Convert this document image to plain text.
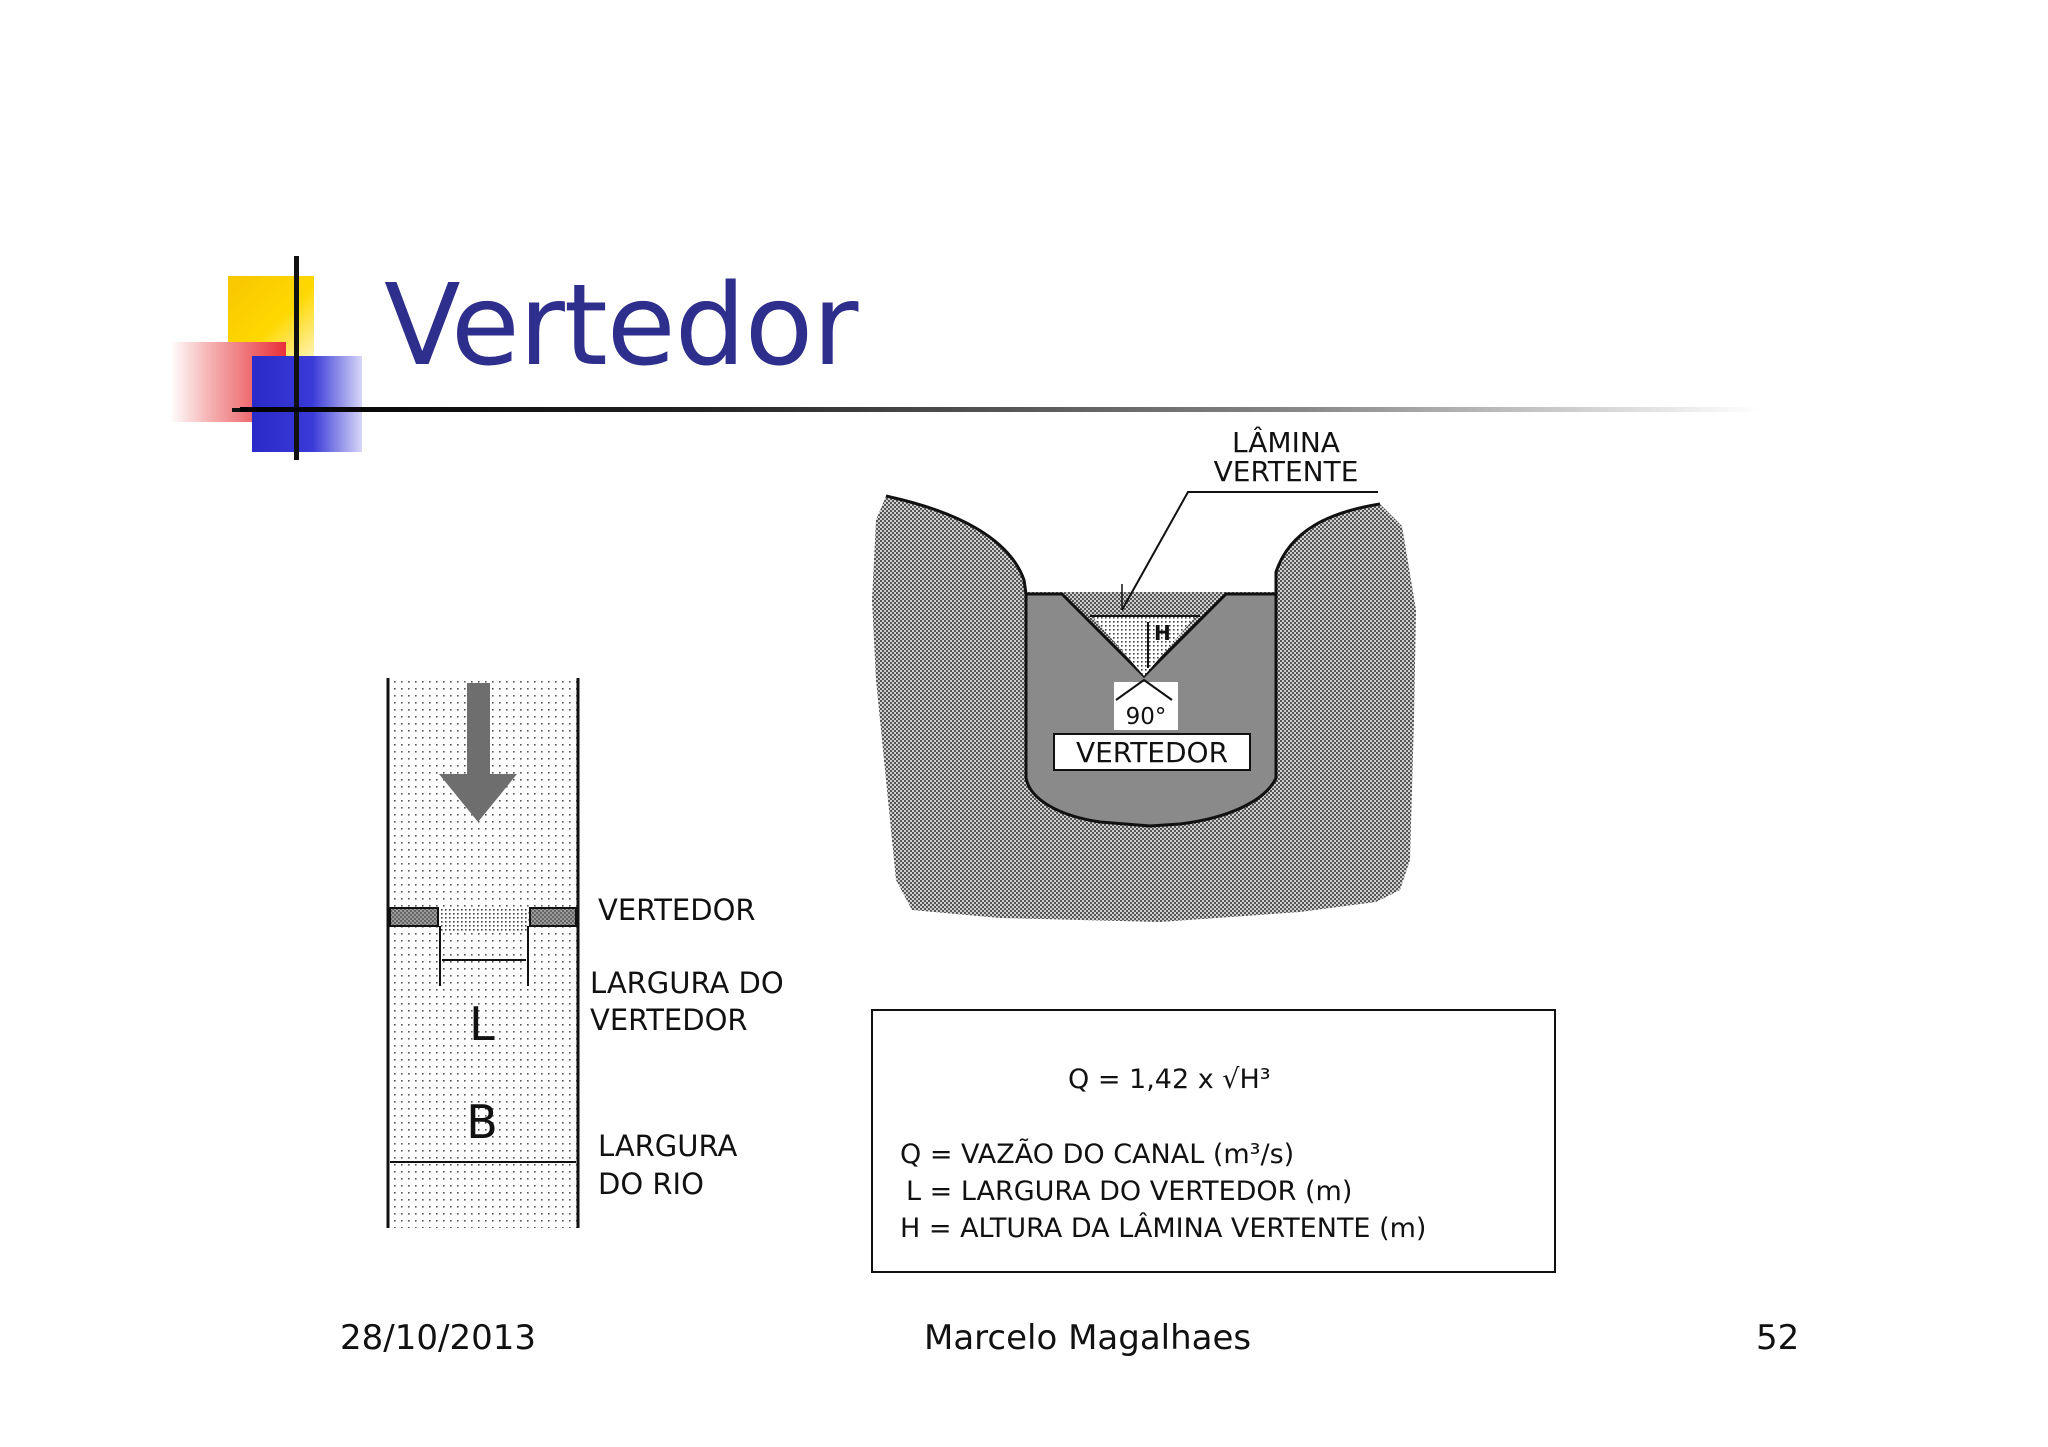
Vertedor
L
B
VERTEDOR
LARGURA DO
VERTEDOR
LARGURA
DO RIO
H
90°
VERTEDOR
LÂMINA
VERTENTE
Q = 1,42 x √H³
Q = VAZÃO DO CANAL (m³/s)
L = LARGURA DO VERTEDOR (m)
H = ALTURA DA LÂMINA VERTENTE (m)
28/10/2013	Marcelo Magalhaes	52
